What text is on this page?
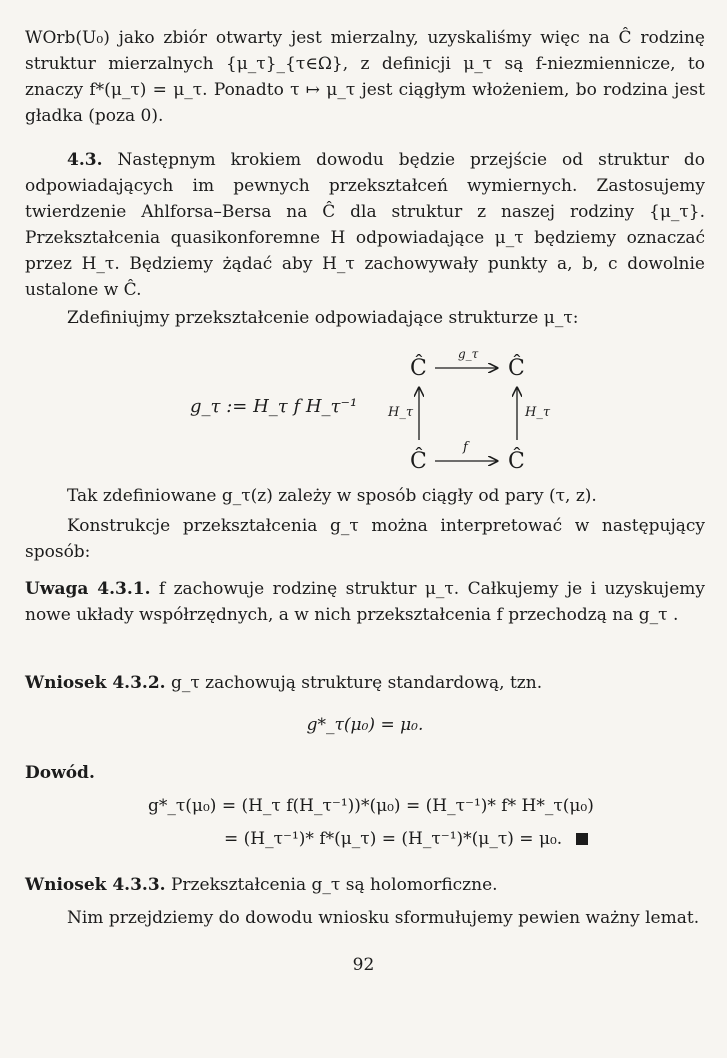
WOrb(U₀) jako zbiór otwarty jest mierzalny, uzyskaliśmy więc na Ĉ rodzinę struktur mierzalnych {μ_τ}_{τ∈Ω}, z definicji μ_τ są f-niezmiennicze, to znaczy f*(μ_τ) = μ_τ. Ponadto τ ↦ μ_τ jest ciągłym włożeniem, bo rodzina jest gładka (poza 0).
4.3. Następnym krokiem dowodu będzie przejście od struktur do odpowiadających im pewnych przekształceń wymiernych. Zastosujemy twierdzenie Ahlforsa–Bersa na Ĉ dla struktur z naszej rodziny {μ_τ}. Przekształcenia quasikonforemne H odpowiadające μ_τ będziemy oznaczać przez H_τ. Będziemy żądać aby H_τ zachowywały punkty a, b, c dowolnie ustalone w Ĉ.
Zdefiniujmy przekształcenie odpowiadające strukturze μ_τ:
g_τ := H_τ f H_τ⁻¹
Ĉ	Ĉ
Ĉ	Ĉ
g_τ
f
H_τ	H_τ
Tak zdefiniowane g_τ(z) zależy w sposób ciągły od pary (τ, z).
Konstrukcje przekształcenia g_τ można interpretować w następujący sposób:
Uwaga 4.3.1. f zachowuje rodzinę struktur μ_τ. Całkujemy je i uzyskujemy nowe układy współrzędnych, a w nich przekształcenia f przechodzą na g_τ .
Wniosek 4.3.2. g_τ zachowują strukturę standardową, tzn.
g*_τ(μ₀) = μ₀.
Dowód.
g*_τ(μ₀) = (H_τ f(H_τ⁻¹))*(μ₀) = (H_τ⁻¹)* f* H*_τ(μ₀)
= (H_τ⁻¹)* f*(μ_τ) = (H_τ⁻¹)*(μ_τ) = μ₀.
Wniosek 4.3.3. Przekształcenia g_τ są holomorficzne.
Nim przejdziemy do dowodu wniosku sformułujemy pewien ważny lemat.
92
